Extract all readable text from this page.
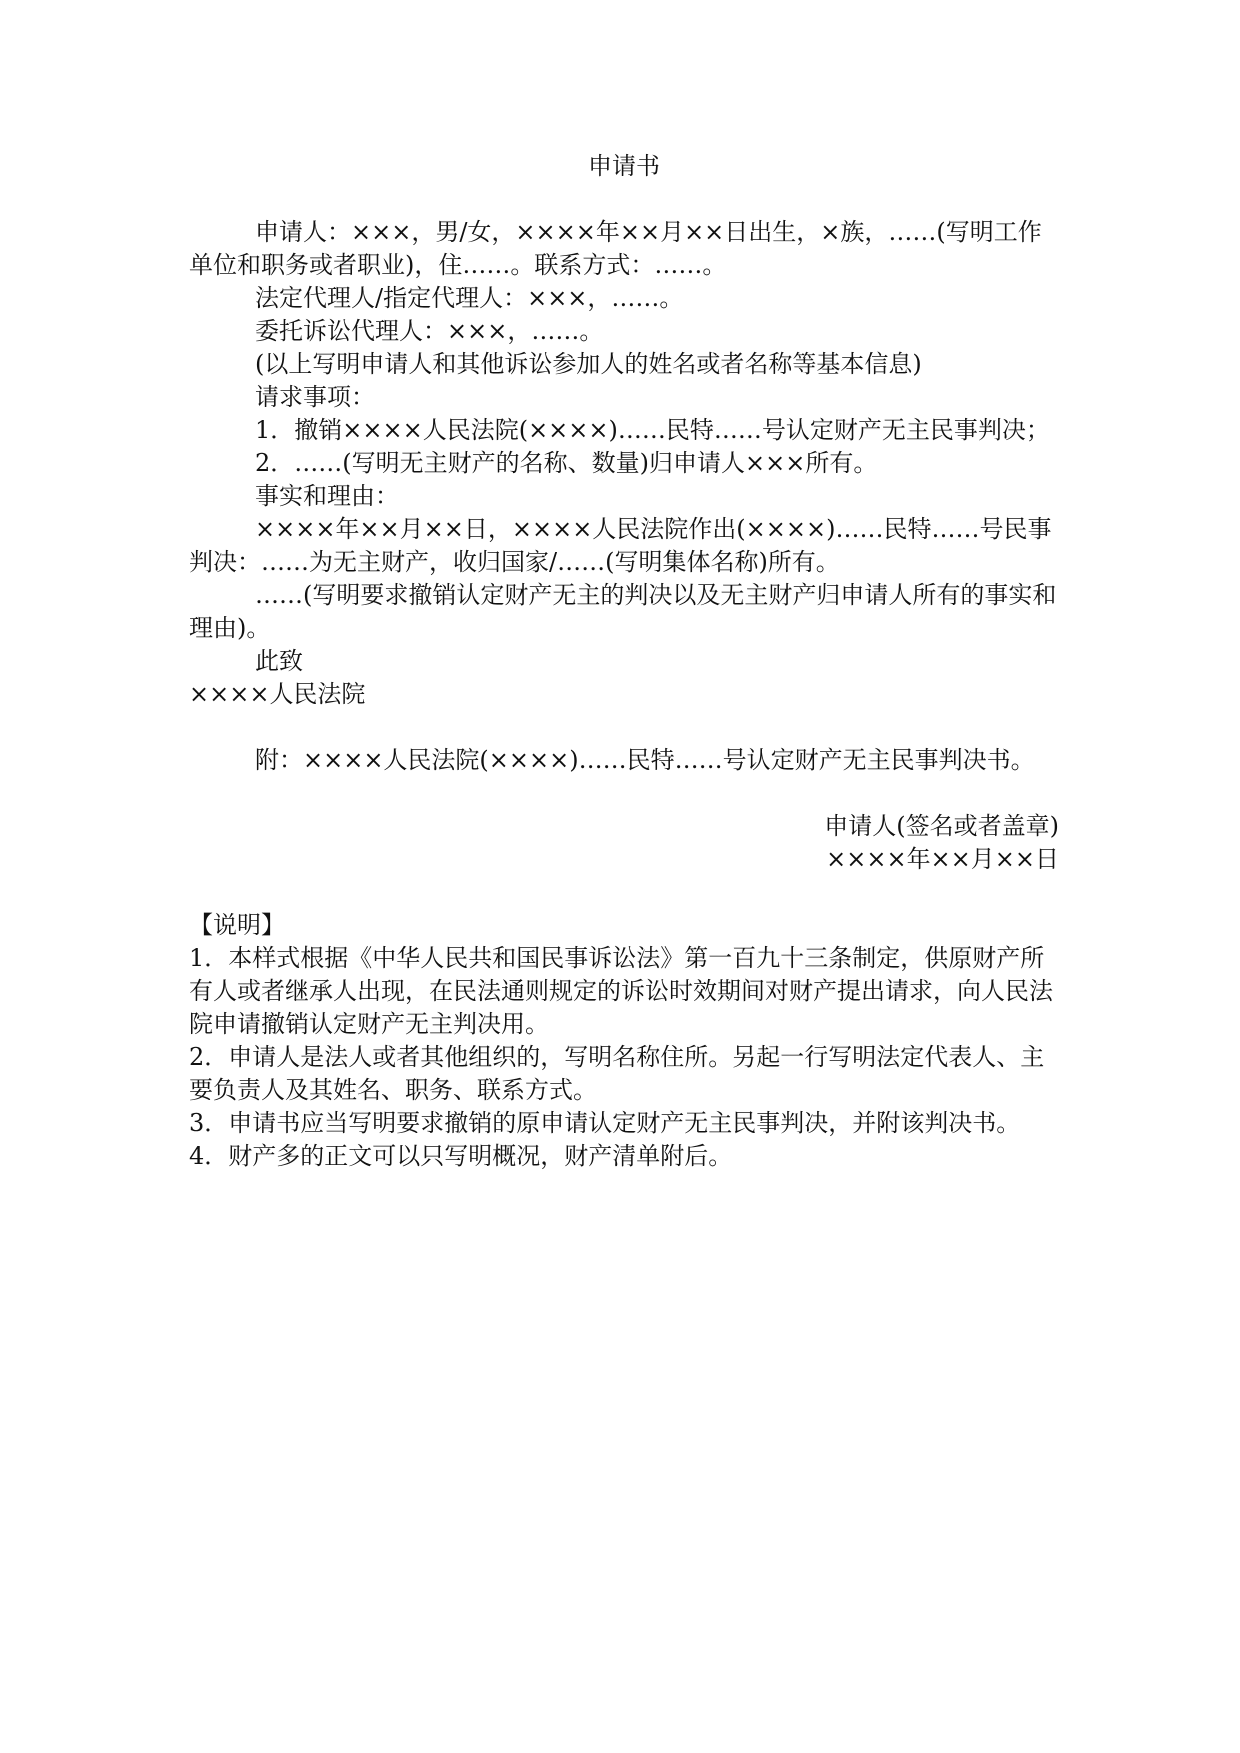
申请书

申请人：×××，男/女，××××年××月××日出生，×族，……(写明工作单位和职务或者职业)，住……。联系方式：……。

法定代理人/指定代理人：×××，……。

委托诉讼代理人：×××，……。

(以上写明申请人和其他诉讼参加人的姓名或者名称等基本信息)

请求事项：

1．撤销××××人民法院(××××)……民特……号认定财产无主民事判决；

2．……(写明无主财产的名称、数量)归申请人×××所有。

事实和理由：

××××年××月××日，××××人民法院作出(××××)……民特……号民事判决：……为无主财产，收归国家/……(写明集体名称)所有。

……(写明要求撤销认定财产无主的判决以及无主财产归申请人所有的事实和理由)。

此致

××××人民法院

附：××××人民法院(××××)……民特……号认定财产无主民事判决书。

申请人(签名或者盖章)

××××年××月××日

【说明】

1．本样式根据《中华人民共和国民事诉讼法》第一百九十三条制定，供原财产所有人或者继承人出现，在民法通则规定的诉讼时效期间对财产提出请求，向人民法院申请撤销认定财产无主判决用。

2．申请人是法人或者其他组织的，写明名称住所。另起一行写明法定代表人、主要负责人及其姓名、职务、联系方式。

3．申请书应当写明要求撤销的原申请认定财产无主民事判决，并附该判决书。

4．财产多的正文可以只写明概况，财产清单附后。
